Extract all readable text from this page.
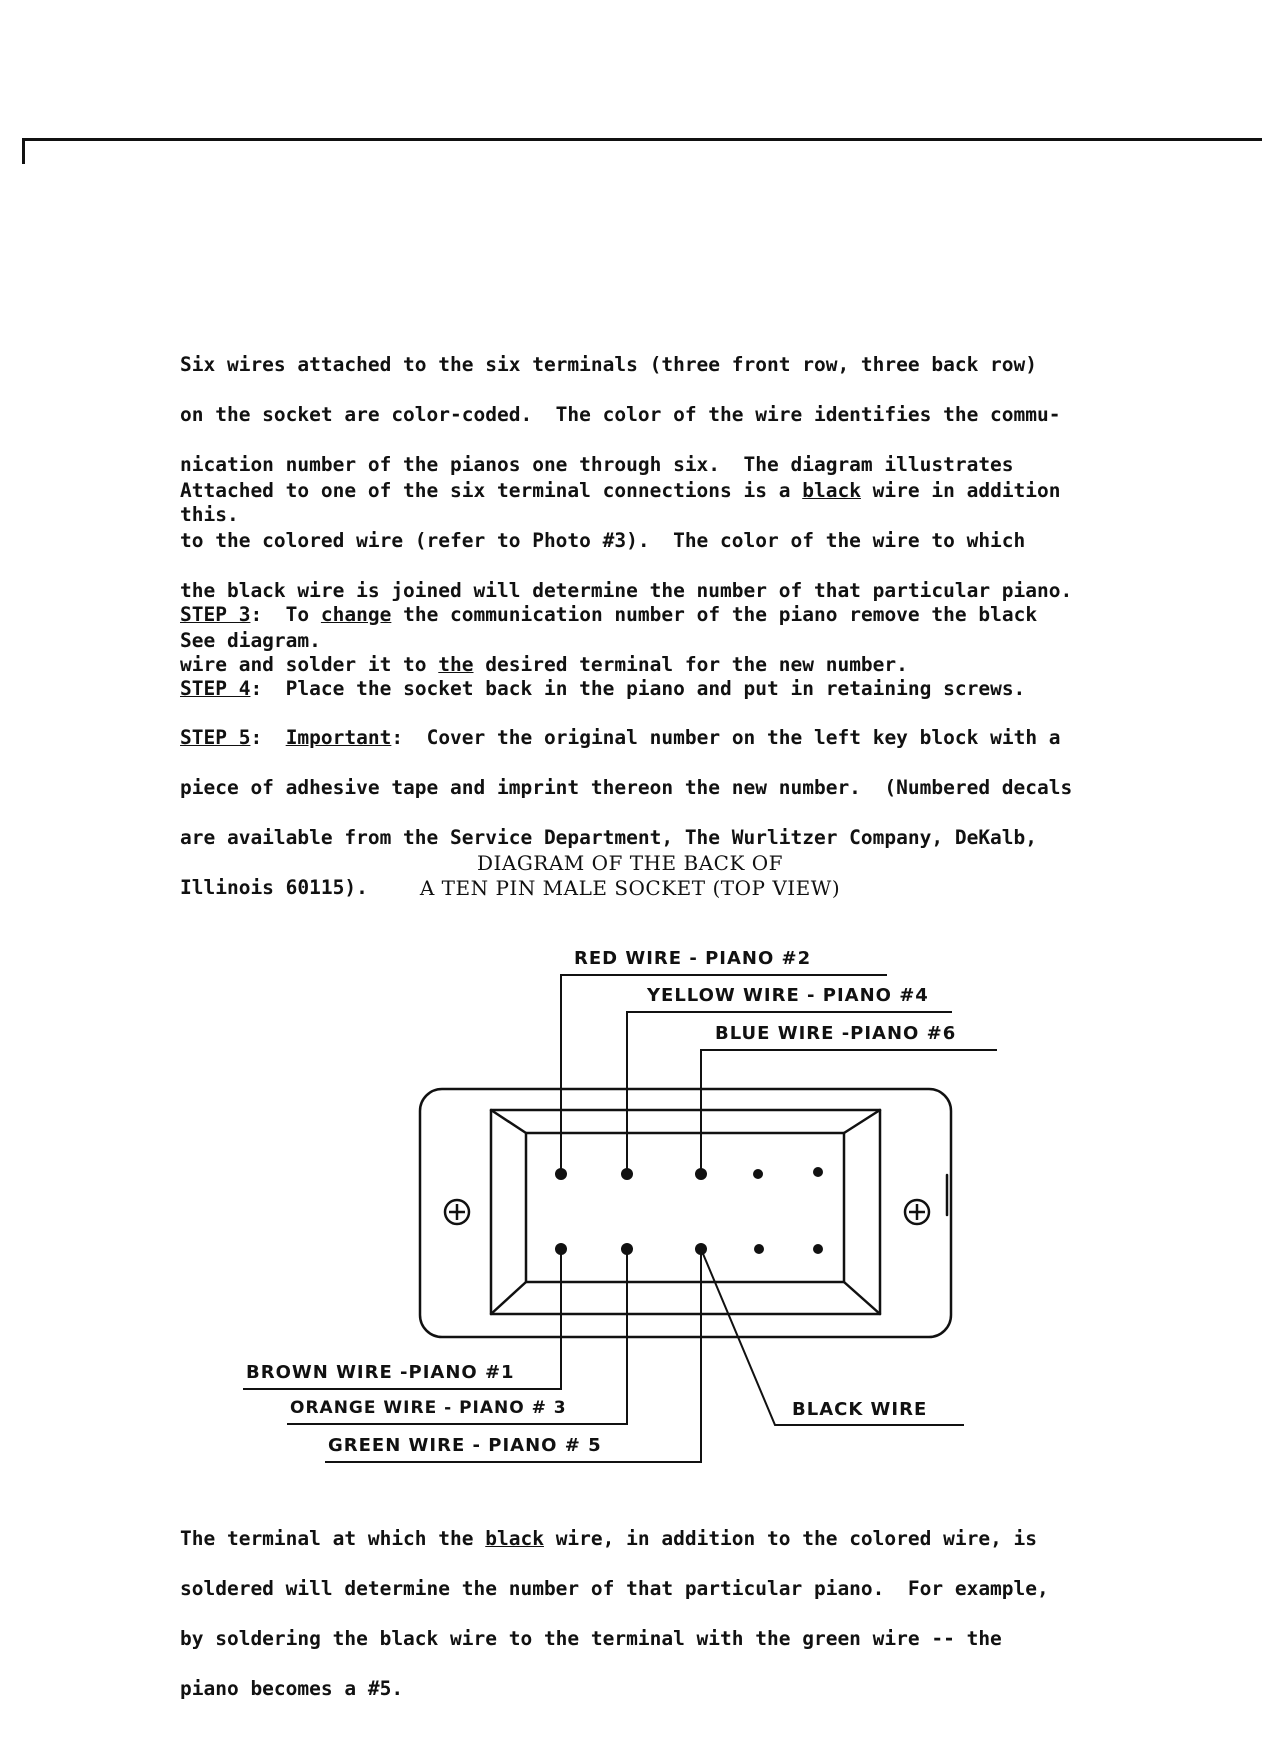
Six wires attached to the six terminals (three front row, three back row)

on the socket are color-coded.  The color of the wire identifies the commu-

nication number of the pianos one through six.  The diagram illustrates

this.

Attached to one of the six terminal connections is a black wire in addition

to the colored wire (refer to Photo #3).  The color of the wire to which

the black wire is joined will determine the number of that particular piano.

See diagram.

STEP 3:  To change the communication number of the piano remove the black

wire and solder it to the desired terminal for the new number.

STEP 4:  Place the socket back in the piano and put in retaining screws.

STEP 5:  Important:  Cover the original number on the left key block with a

piece of adhesive tape and imprint thereon the new number.  (Numbered decals

are available from the Service Department, The Wurlitzer Company, DeKalb,

Illinois 60115).

DIAGRAM OF THE BACK OF
A TEN PIN MALE SOCKET (TOP VIEW)
RED WIRE - PIANO #2
YELLOW WIRE - PIANO #4
BLUE WIRE -PIANO #6
BROWN WIRE -PIANO #1
ORANGE WIRE - PIANO # 3
GREEN WIRE - PIANO # 5
BLACK WIRE

The terminal at which the black wire, in addition to the colored wire, is

soldered will determine the number of that particular piano.  For example,

by soldering the black wire to the terminal with the green wire -- the

piano becomes a #5.
